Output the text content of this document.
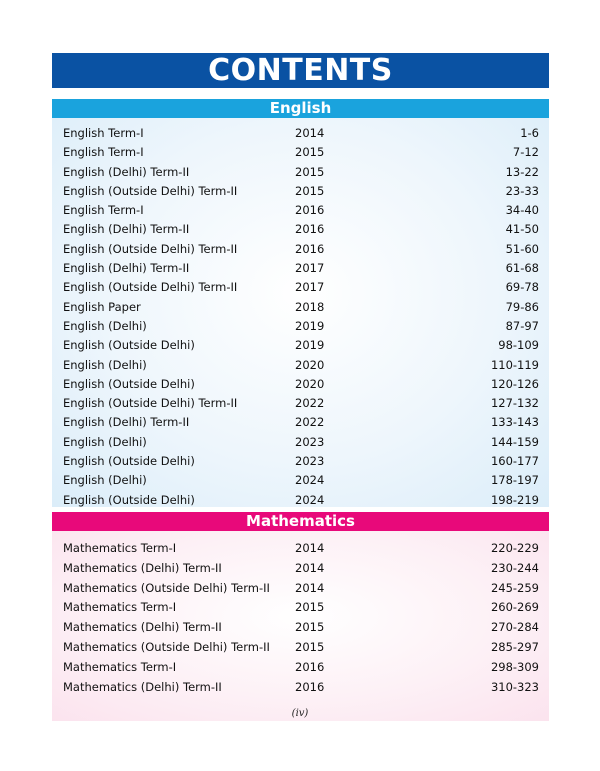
CONTENTS
English
English Term-I	2014	1-6
English Term-I	2015	7-12
English (Delhi) Term-II	2015	13-22
English (Outside Delhi) Term-II	2015	23-33
English Term-I	2016	34-40
English (Delhi) Term-II	2016	41-50
English (Outside Delhi) Term-II	2016	51-60
English (Delhi) Term-II	2017	61-68
English (Outside Delhi) Term-II	2017	69-78
English Paper	2018	79-86
English (Delhi)	2019	87-97
English (Outside Delhi)	2019	98-109
English (Delhi)	2020	110-119
English (Outside Delhi)	2020	120-126
English (Outside Delhi) Term-II	2022	127-132
English (Delhi) Term-II	2022	133-143
English (Delhi)	2023	144-159
English (Outside Delhi)	2023	160-177
English (Delhi)	2024	178-197
English (Outside Delhi)	2024	198-219
Mathematics
Mathematics Term-I	2014	220-229
Mathematics (Delhi) Term-II	2014	230-244
Mathematics (Outside Delhi) Term-II 2014	245-259
Mathematics Term-I	2015	260-269
Mathematics (Delhi) Term-II	2015	270-284
Mathematics (Outside Delhi) Term-II 2015	285-297
Mathematics Term-I	2016	298-309
Mathematics (Delhi) Term-II	2016	310-323
(iv)
